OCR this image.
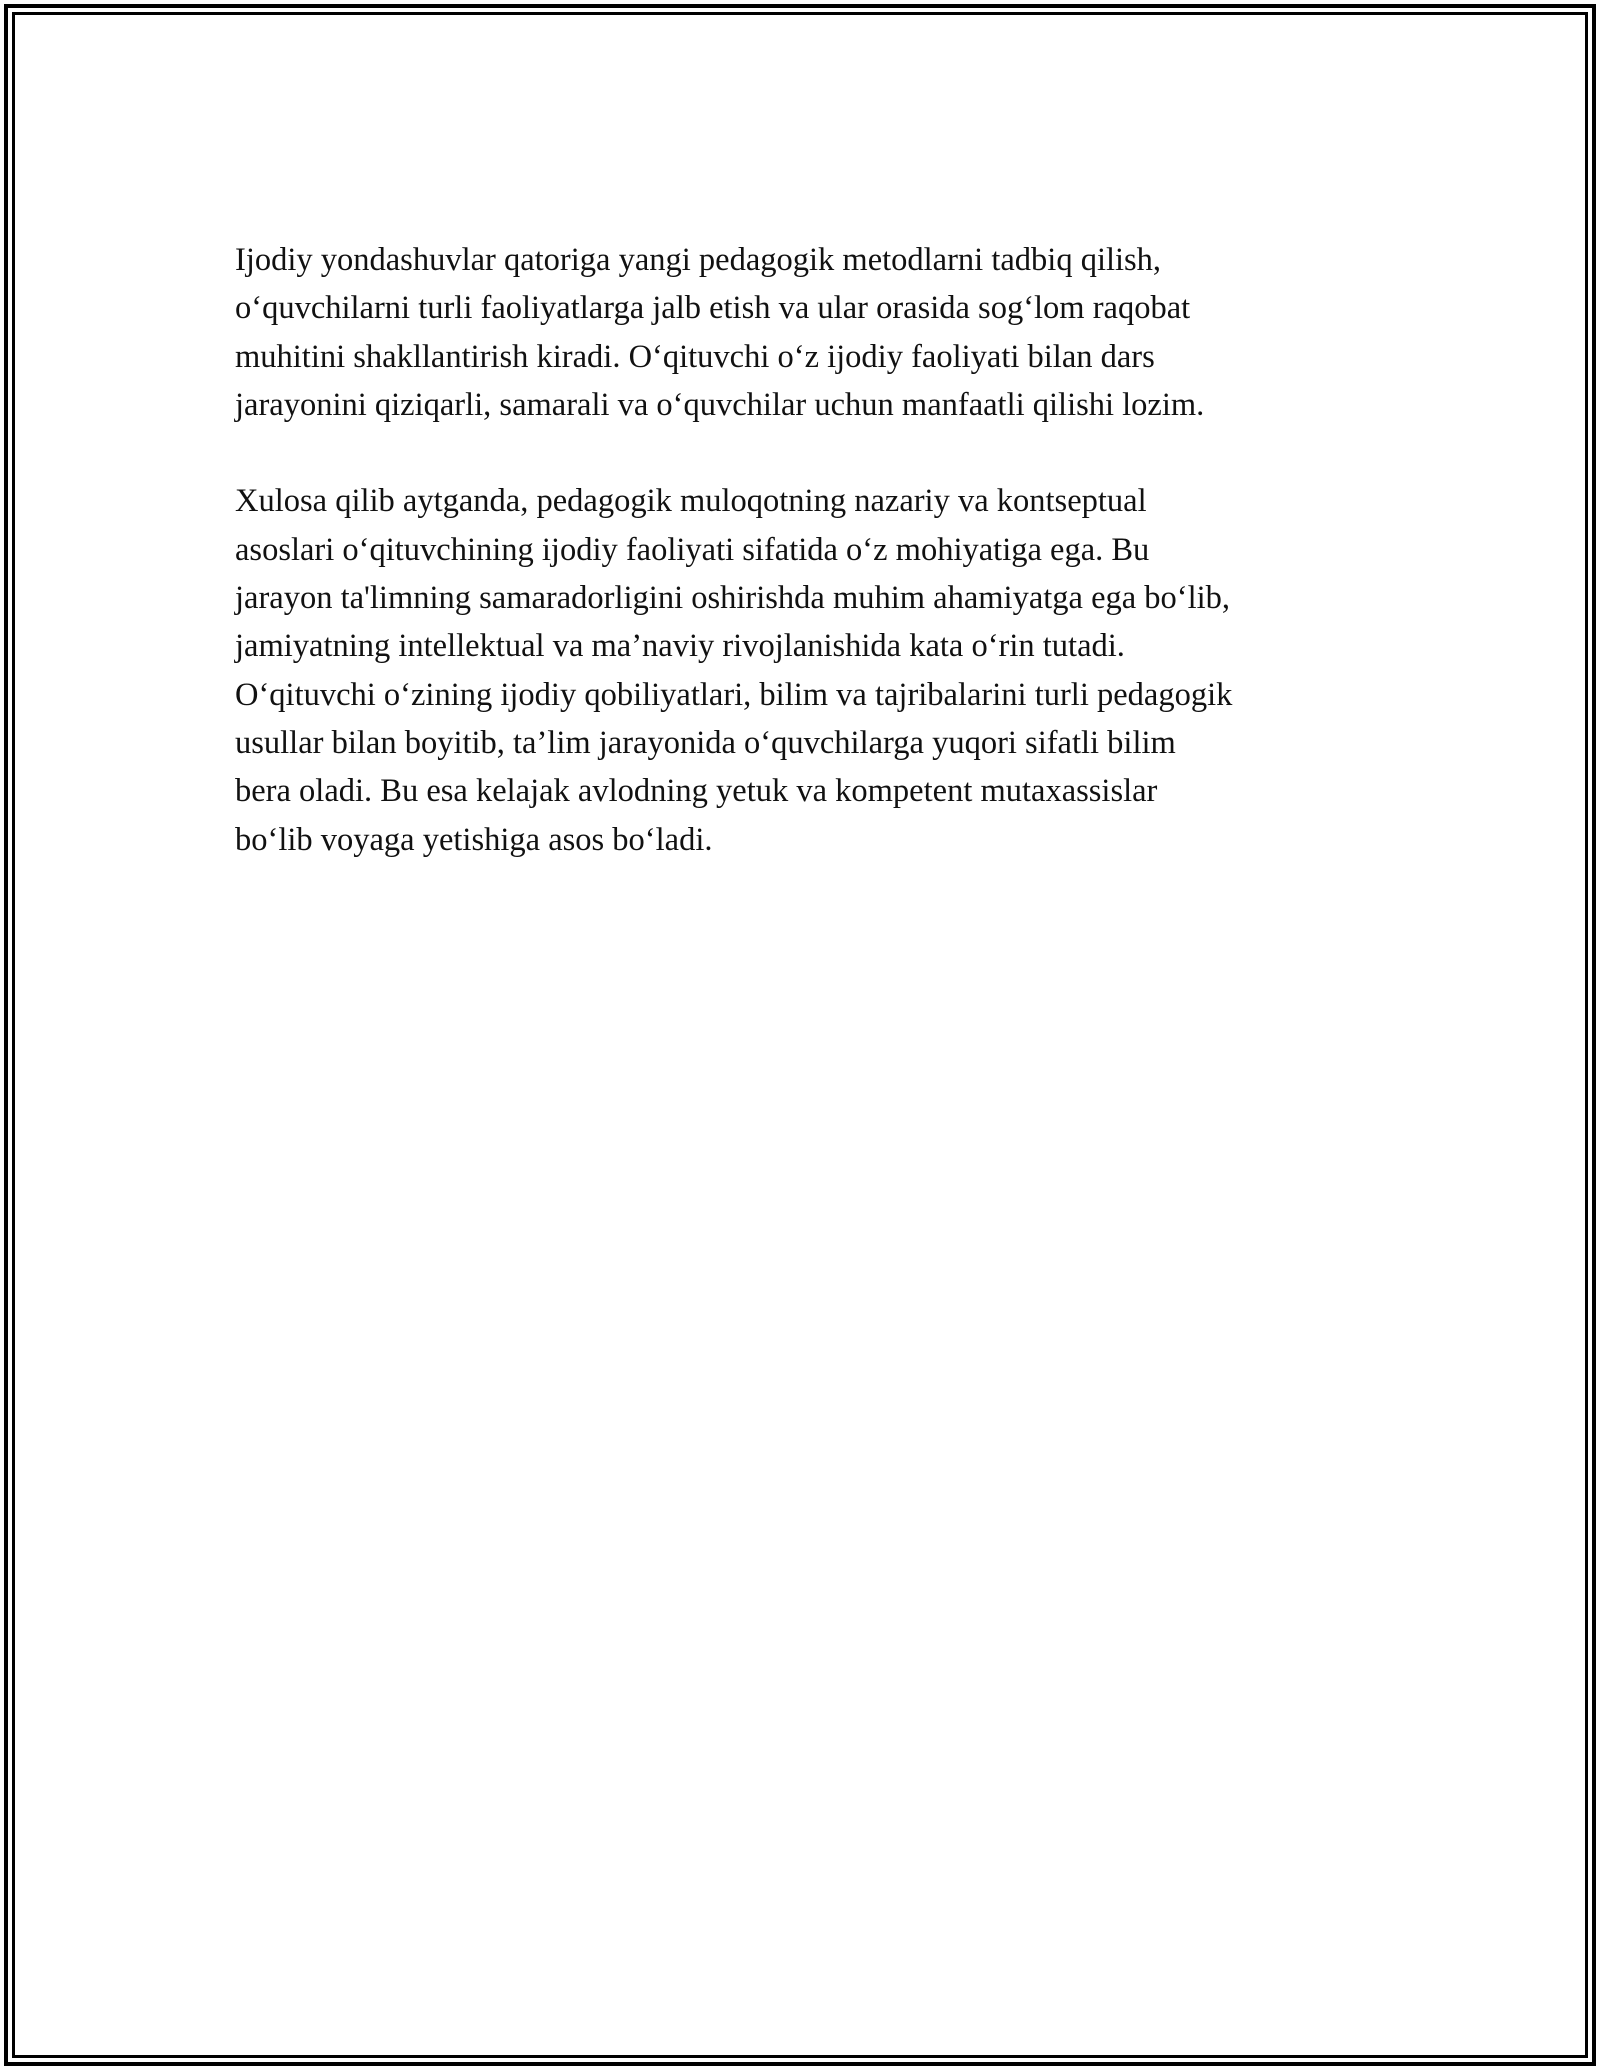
Ijodiy yondashuvlar qatoriga yangi pedagogik metodlarni tadbiq qilish,
o‘quvchilarni turli faoliyatlarga jalb etish va ular orasida sog‘lom raqobat
muhitini shakllantirish kiradi. O‘qituvchi o‘z ijodiy faoliyati bilan dars
jarayonini qiziqarli, samarali va o‘quvchilar uchun manfaatli qilishi lozim.

Xulosa qilib aytganda, pedagogik muloqotning nazariy va kontseptual
asoslari o‘qituvchining ijodiy faoliyati sifatida o‘z mohiyatiga ega. Bu
jarayon ta'limning samaradorligini oshirishda muhim ahamiyatga ega bo‘lib,
jamiyatning intellektual va ma’naviy rivojlanishida kata o‘rin tutadi.
O‘qituvchi o‘zining ijodiy qobiliyatlari, bilim va tajribalarini turli pedagogik
usullar bilan boyitib, ta’lim jarayonida o‘quvchilarga yuqori sifatli bilim
bera oladi. Bu esa kelajak avlodning yetuk va kompetent mutaxassislar
bo‘lib voyaga yetishiga asos bo‘ladi.
